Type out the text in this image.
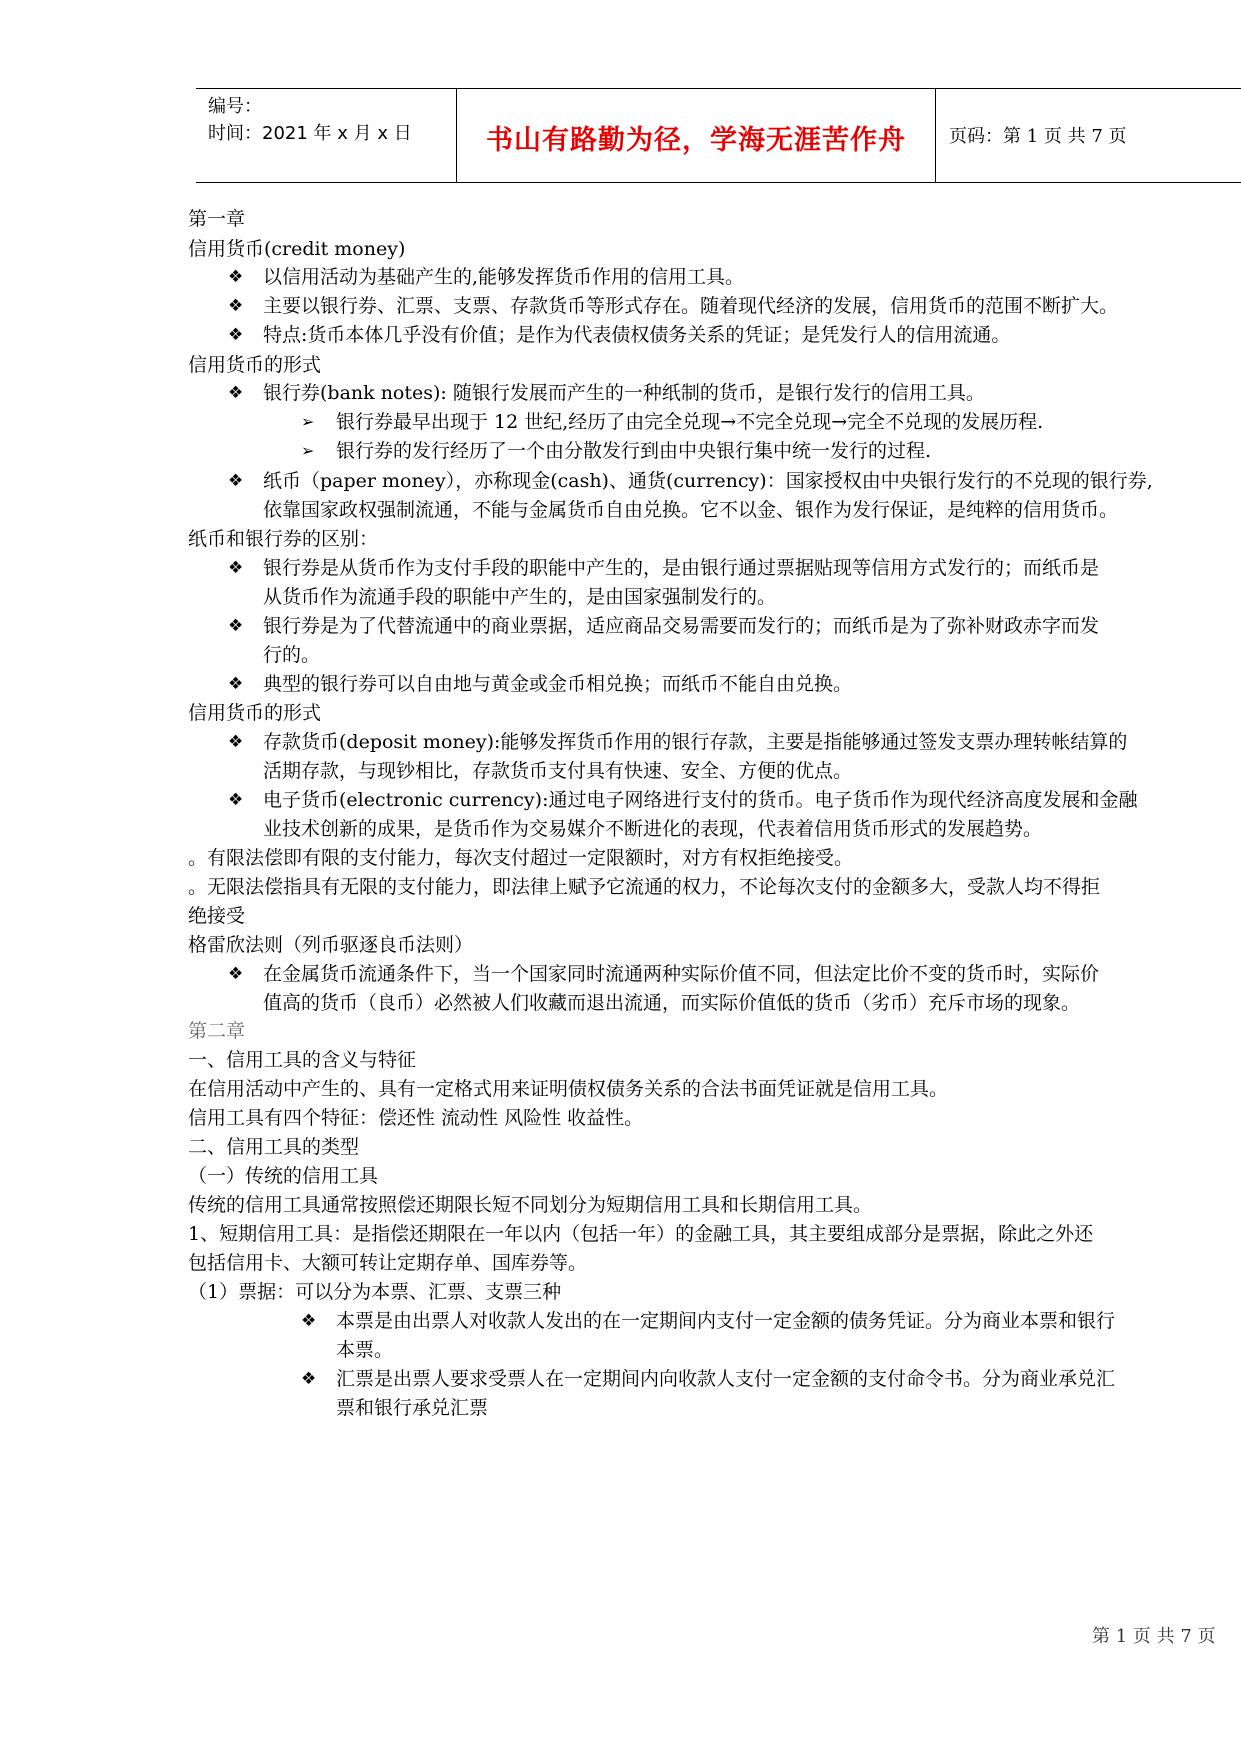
编号：
时间：2021 年 x 月 x 日	书山有路勤为径，学海无涯苦作舟	页码：第 1 页 共 7 页
第一章
信用货币(credit money)
❖ 以信用活动为基础产生的,能够发挥货币作用的信用工具。
❖ 主要以银行券、汇票、支票、存款货币等形式存在。随着现代经济的发展，信用货币的范围不断扩大。
❖ 特点:货币本体几乎没有价值；是作为代表债权债务关系的凭证；是凭发行人的信用流通。
信用货币的形式
❖ 银行券(bank notes): 随银行发展而产生的一种纸制的货币，是银行发行的信用工具。
➢ 银行券最早出现于 12 世纪,经历了由完全兑现→不完全兑现→完全不兑现的发展历程.
➢ 银行券的发行经历了一个由分散发行到由中央银行集中统一发行的过程.
❖ 纸币（paper money），亦称现金(cash)、通货(currency)：国家授权由中央银行发行的不兑现的银行券,
依靠国家政权强制流通，不能与金属货币自由兑换。它不以金、银作为发行保证，是纯粹的信用货币。
纸币和银行券的区别：
❖ 银行券是从货币作为支付手段的职能中产生的，是由银行通过票据贴现等信用方式发行的；而纸币是
从货币作为流通手段的职能中产生的，是由国家强制发行的。
❖ 银行券是为了代替流通中的商业票据，适应商品交易需要而发行的；而纸币是为了弥补财政赤字而发
行的。
❖ 典型的银行券可以自由地与黄金或金币相兑换；而纸币不能自由兑换。
信用货币的形式
❖ 存款货币(deposit money):能够发挥货币作用的银行存款，主要是指能够通过签发支票办理转帐结算的
活期存款，与现钞相比，存款货币支付具有快速、安全、方便的优点。
❖ 电子货币(electronic currency):通过电子网络进行支付的货币。电子货币作为现代经济高度发展和金融
业技术创新的成果，是货币作为交易媒介不断进化的表现，代表着信用货币形式的发展趋势。
。有限法偿即有限的支付能力，每次支付超过一定限额时，对方有权拒绝接受。
。无限法偿指具有无限的支付能力，即法律上赋予它流通的权力，不论每次支付的金额多大，受款人均不得拒
绝接受
格雷欣法则（列币驱逐良币法则）
❖ 在金属货币流通条件下，当一个国家同时流通两种实际价值不同，但法定比价不变的货币时，实际价
值高的货币（良币）必然被人们收藏而退出流通，而实际价值低的货币（劣币）充斥市场的现象。
第二章
一、信用工具的含义与特征
在信用活动中产生的、具有一定格式用来证明债权债务关系的合法书面凭证就是信用工具。
信用工具有四个特征：偿还性 流动性 风险性 收益性。
二、信用工具的类型
（一）传统的信用工具
传统的信用工具通常按照偿还期限长短不同划分为短期信用工具和长期信用工具。
1、短期信用工具：是指偿还期限在一年以内（包括一年）的金融工具，其主要组成部分是票据，除此之外还
包括信用卡、大额可转让定期存单、国库券等。
（1）票据：可以分为本票、汇票、支票三种
❖ 本票是由出票人对收款人发出的在一定期间内支付一定金额的债务凭证。分为商业本票和银行
本票。
❖ 汇票是出票人要求受票人在一定期间内向收款人支付一定金额的支付命令书。分为商业承兑汇
票和银行承兑汇票
第 1 页 共 7 页
